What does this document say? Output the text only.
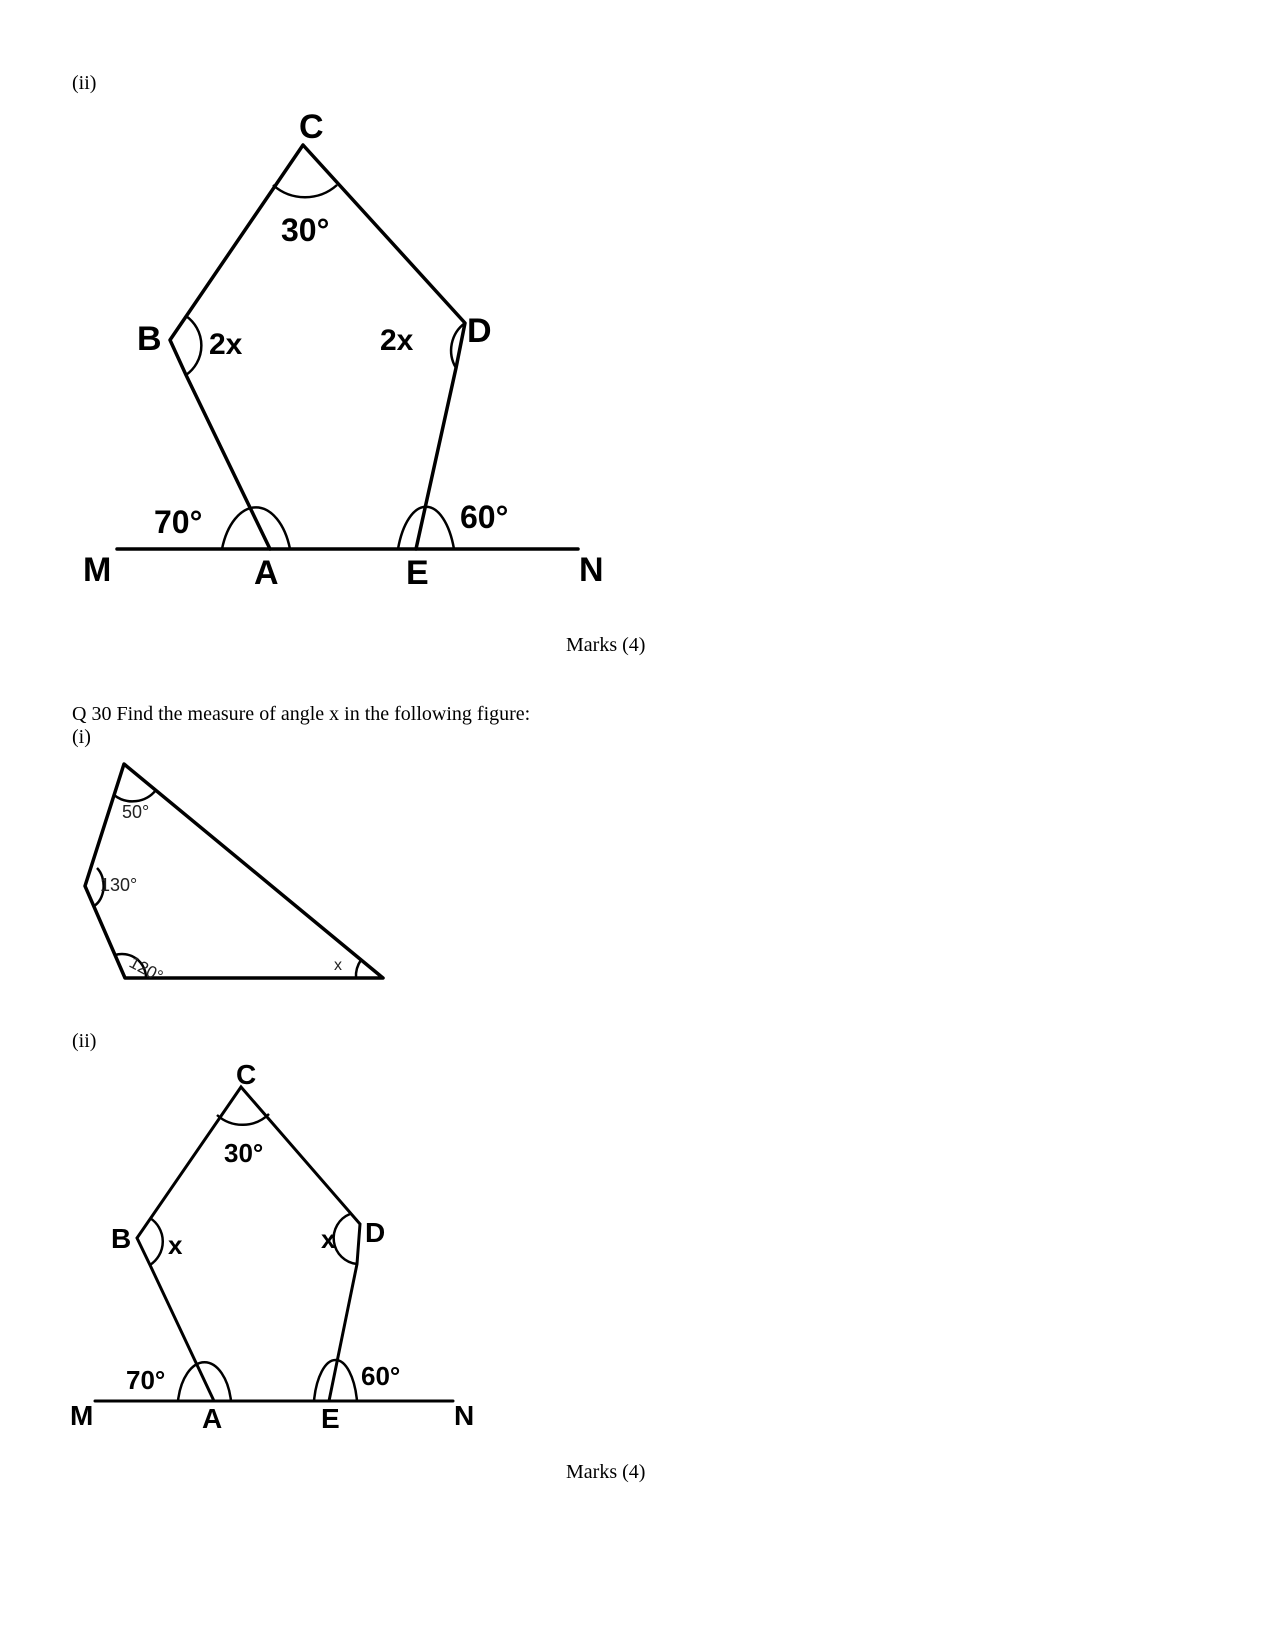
(ii)
C
B	D
M	A	E	N
30°
2x	2x
70°	60°
Marks (4)
Q 30 Find the measure of angle x in the following figure:
(i)
50°
130°
120°	x
(ii)
C
B	D
M	A	E	N
30°
x	x
70°	60°
Marks (4)
